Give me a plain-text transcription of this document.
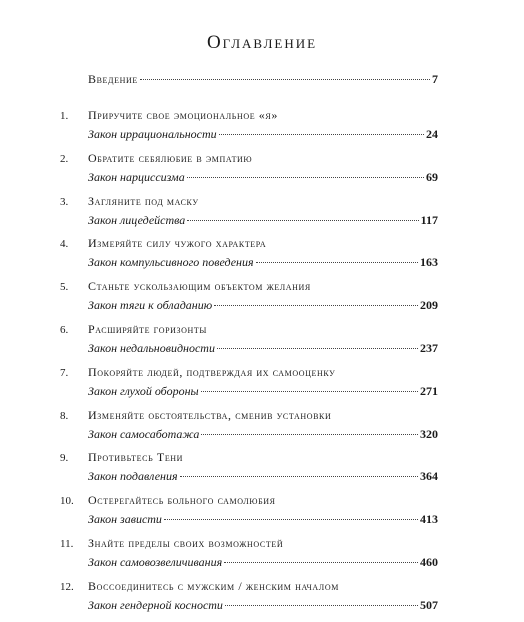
Оглавление
Введение	7
1.	Приручите свое эмоциональное «я»
Закон иррациональности	24
2.	Обратите себялюбие в эмпатию
Закон нарциссизма	69
3.	Загляните под маску
Закон лицедейства	117
4.	Измеряйте силу чужого характера
Закон компульсивного поведения	163
5.	Станьте ускользающим объектом желания
Закон тяги к обладанию	209
6.	Расширяйте горизонты
Закон недальновидности	237
7.	Покоряйте людей, подтверждая их самооценку
Закон глухой обороны	271
8.	Изменяйте обстоятельства, сменив установки
Закон самосаботажа	320
9.	Противьтесь Тени
Закон подавления	364
10.	Остерегайтесь больного самолюбия
Закон зависти	413
11.	Знайте пределы своих возможностей
Закон самовозвеличивания	460
12.	Воссоединитесь с мужским / женским началом
Закон гендерной косности	507
